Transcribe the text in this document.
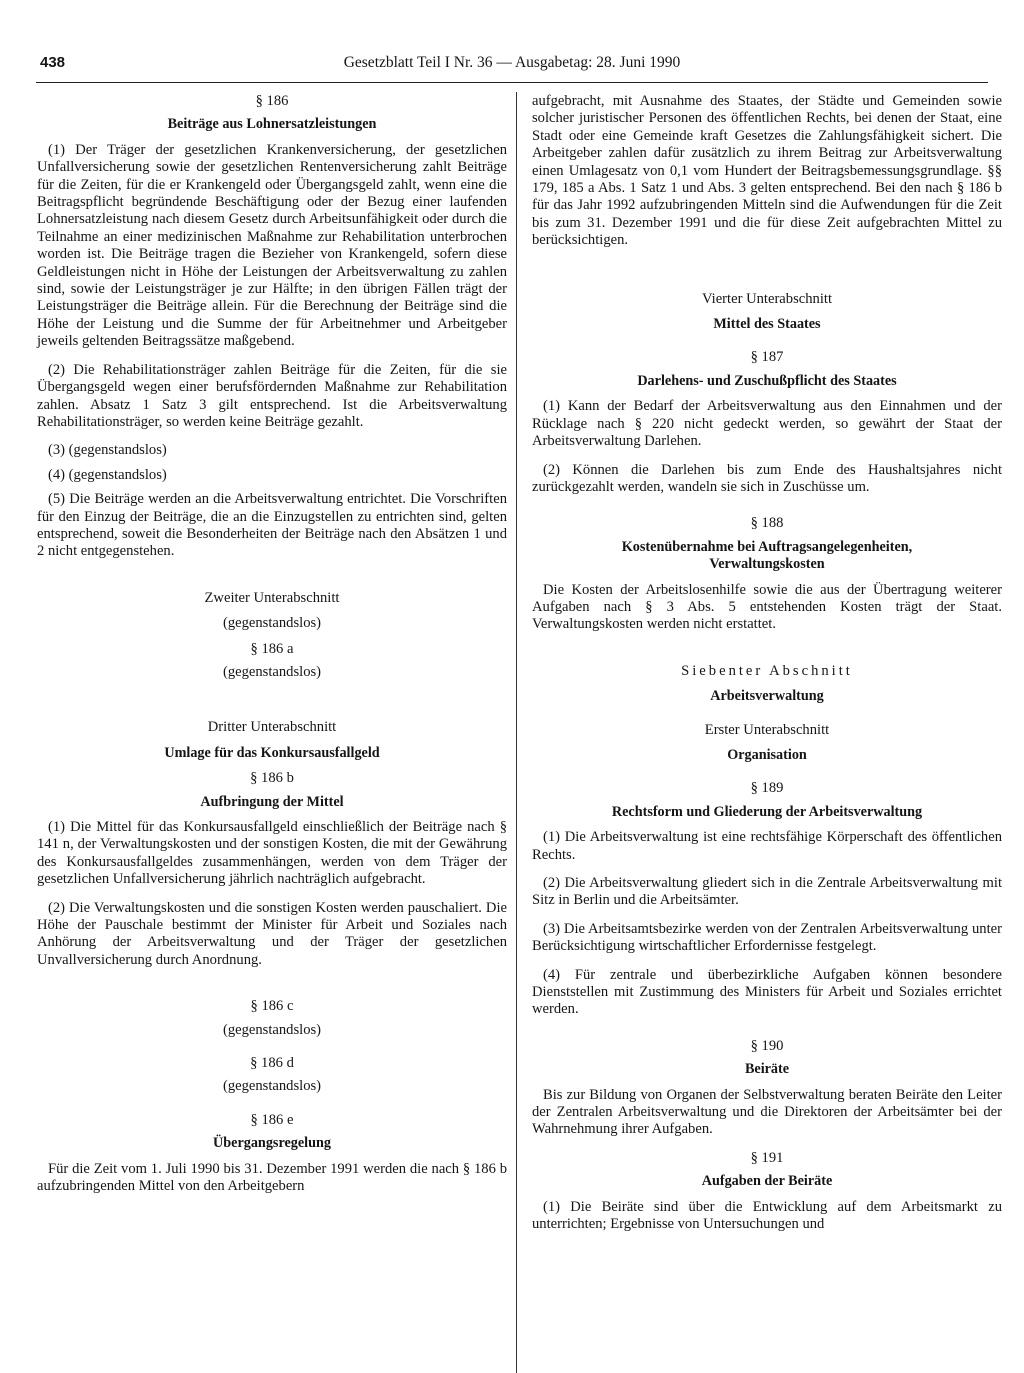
438	Gesetzblatt Teil I Nr. 36 — Ausgabetag: 28. Juni 1990
§ 186
Beiträge aus Lohnersatzleistungen

(1) Der Träger der gesetzlichen Krankenversicherung, der gesetzlichen Unfallversicherung sowie der gesetzlichen Rentenversicherung zahlt Beiträge für die Zeiten, für die er Krankengeld oder Übergangsgeld zahlt, wenn eine die Beitragspflicht begründende Beschäftigung oder der Bezug einer laufenden Lohnersatzleistung nach diesem Gesetz durch Arbeitsunfähigkeit oder durch die Teilnahme an einer medizinischen Maßnahme zur Rehabilitation unterbrochen worden ist. Die Beiträge tragen die Bezieher von Krankengeld, sofern diese Geldleistungen nicht in Höhe der Leistungen der Arbeitsverwaltung zu zahlen sind, sowie der Leistungsträger je zur Hälfte; in den übrigen Fällen trägt der Leistungsträger die Beiträge allein. Für die Berechnung der Beiträge sind die Höhe der Leistung und die Summe der für Arbeitnehmer und Arbeitgeber jeweils geltenden Beitragssätze maßgebend.

(2) Die Rehabilitationsträger zahlen Beiträge für die Zeiten, für die sie Übergangsgeld wegen einer berufsfördernden Maßnahme zur Rehabilitation zahlen. Absatz 1 Satz 3 gilt entsprechend. Ist die Arbeitsverwaltung Rehabilitationsträger, so werden keine Beiträge gezahlt.

(3) (gegenstandslos)

(4) (gegenstandslos)

(5) Die Beiträge werden an die Arbeitsverwaltung entrichtet. Die Vorschriften für den Einzug der Beiträge, die an die Einzugstellen zu entrichten sind, gelten entsprechend, soweit die Besonderheiten der Beiträge nach den Absätzen 1 und 2 nicht entgegenstehen.

Zweiter Unterabschnitt
(gegenstandslos)
§ 186 a
(gegenstandslos)
Dritter Unterabschnitt
Umlage für das Konkursausfallgeld
§ 186 b
Aufbringung der Mittel

(1) Die Mittel für das Konkursausfallgeld einschließlich der Beiträge nach § 141 n, der Verwaltungskosten und der sonstigen Kosten, die mit der Gewährung des Konkursausfallgeldes zusammenhängen, werden von dem Träger der gesetzlichen Unfallversicherung jährlich nachträglich aufgebracht.

(2) Die Verwaltungskosten und die sonstigen Kosten werden pauschaliert. Die Höhe der Pauschale bestimmt der Minister für Arbeit und Soziales nach Anhörung der Arbeitsverwaltung und der Träger der gesetzlichen Unvallversicherung durch Anordnung.

§ 186 c
(gegenstandslos)
§ 186 d
(gegenstandslos)
§ 186 e
Übergangsregelung

Für die Zeit vom 1. Juli 1990 bis 31. Dezember 1991 werden die nach § 186 b aufzubringenden Mittel von den Arbeitgebern

aufgebracht, mit Ausnahme des Staates, der Städte und Gemeinden sowie solcher juristischer Personen des öffentlichen Rechts, bei denen der Staat, eine Stadt oder eine Gemeinde kraft Gesetzes die Zahlungsfähigkeit sichert. Die Arbeitgeber zahlen dafür zusätzlich zu ihrem Beitrag zur Arbeitsverwaltung einen Umlagesatz von 0,1 vom Hundert der Beitragsbemessungsgrundlage. §§ 179, 185 a Abs. 1 Satz 1 und Abs. 3 gelten entsprechend. Bei den nach § 186 b für das Jahr 1992 aufzubringenden Mitteln sind die Aufwendungen für die Zeit bis zum 31. Dezember 1991 und die für diese Zeit aufgebrachten Mittel zu berücksichtigen.

Vierter Unterabschnitt
Mittel des Staates
§ 187
Darlehens- und Zuschußpflicht des Staates

(1) Kann der Bedarf der Arbeitsverwaltung aus den Einnahmen und der Rücklage nach § 220 nicht gedeckt werden, so gewährt der Staat der Arbeitsverwaltung Darlehen.

(2) Können die Darlehen bis zum Ende des Haushaltsjahres nicht zurückgezahlt werden, wandeln sie sich in Zuschüsse um.

§ 188
Kostenübernahme bei Auftragsangelegenheiten,
Verwaltungskosten

Die Kosten der Arbeitslosenhilfe sowie die aus der Übertragung weiterer Aufgaben nach § 3 Abs. 5 entstehenden Kosten trägt der Staat. Verwaltungskosten werden nicht erstattet.

Siebenter Abschnitt
Arbeitsverwaltung
Erster Unterabschnitt
Organisation
§ 189
Rechtsform und Gliederung der Arbeitsverwaltung

(1) Die Arbeitsverwaltung ist eine rechtsfähige Körperschaft des öffentlichen Rechts.

(2) Die Arbeitsverwaltung gliedert sich in die Zentrale Arbeitsverwaltung mit Sitz in Berlin und die Arbeitsämter.

(3) Die Arbeitsamtsbezirke werden von der Zentralen Arbeitsverwaltung unter Berücksichtigung wirtschaftlicher Erfordernisse festgelegt.

(4) Für zentrale und überbezirkliche Aufgaben können besondere Dienststellen mit Zustimmung des Ministers für Arbeit und Soziales errichtet werden.

§ 190
Beiräte

Bis zur Bildung von Organen der Selbstverwaltung beraten Beiräte den Leiter der Zentralen Arbeitsverwaltung und die Direktoren der Arbeitsämter bei der Wahrnehmung ihrer Aufgaben.

§ 191
Aufgaben der Beiräte

(1) Die Beiräte sind über die Entwicklung auf dem Arbeitsmarkt zu unterrichten; Ergebnisse von Untersuchungen und
